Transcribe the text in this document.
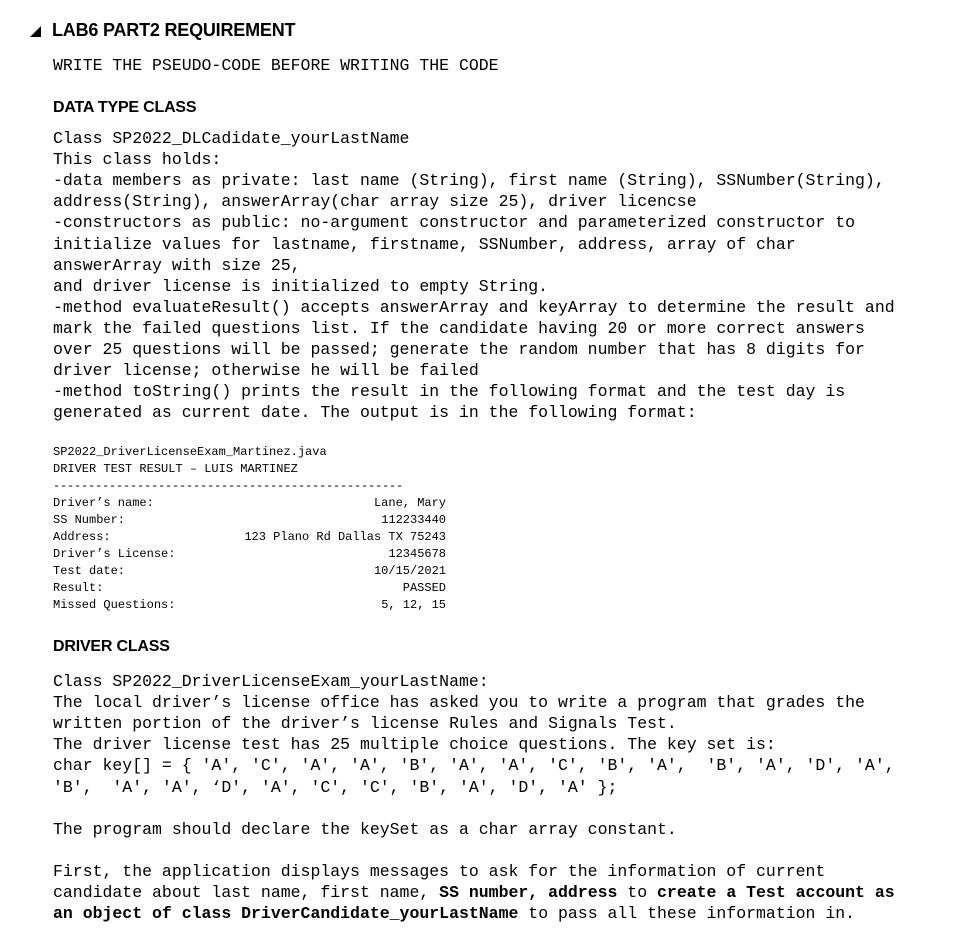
LAB6 PART2 REQUIREMENT
WRITE THE PSEUDO-CODE BEFORE WRITING THE CODE
DATA TYPE CLASS
Class SP2022_DLCadidate_yourLastName
This class holds:
-data members as private: last name (String), first name (String), SSNumber(String),
address(String), answerArray(char array size 25), driver licencse
-constructors as public: no-argument constructor and parameterized constructor to
initialize values for lastname, firstname, SSNumber, address, array of char
answerArray with size 25,
and driver license is initialized to empty String.
-method evaluateResult() accepts answerArray and keyArray to determine the result and
mark the failed questions list. If the candidate having 20 or more correct answers
over 25 questions will be passed; generate the random number that has 8 digits for
driver license; otherwise he will be failed
-method toString() prints the result in the following format and the test day is
generated as current date. The output is in the following format:
SP2022_DriverLicenseExam_Martinez.java
DRIVER TEST RESULT – LUIS MARTINEZ
--------------------------------------------------
Driver’s name:	Lane, Mary
SS Number:	112233440
Address:	123 Plano Rd Dallas TX 75243
Driver’s License:	12345678
Test date:	10/15/2021
Result:	PASSED
Missed Questions:	5, 12, 15
DRIVER CLASS
Class SP2022_DriverLicenseExam_yourLastName:
The local driver’s license office has asked you to write a program that grades the
written portion of the driver’s license Rules and Signals Test.
The driver license test has 25 multiple choice questions. The key set is:
char key[] = { 'A', 'C', 'A', 'A', 'B', 'A', 'A', 'C', 'B', 'A',  'B', 'A', 'D', 'A',
'B',  'A', 'A', ‘D', 'A', 'C', 'C', 'B', 'A', 'D', 'A' };
The program should declare the keySet as a char array constant.
First, the application displays messages to ask for the information of current
candidate about last name, first name, SS number, address to create a Test account as
an object of class DriverCandidate_yourLastName to pass all these information in.
